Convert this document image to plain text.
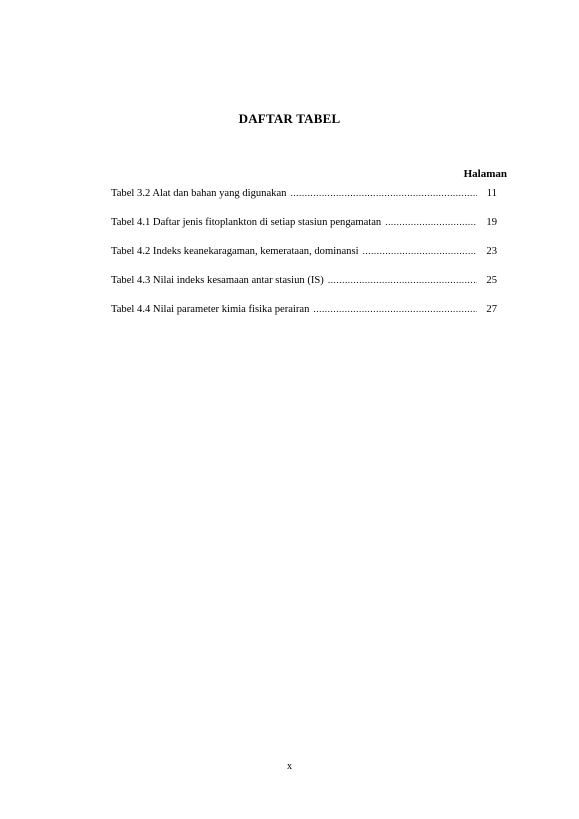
DAFTAR TABEL
Halaman
Tabel 3.2 Alat dan bahan yang digunakan .....	11
Tabel 4.1 Daftar jenis fitoplankton di setiap stasiun pengamatan .....	19
Tabel 4.2 Indeks keanekaragaman, kemerataan, dominansi .....	23
Tabel 4.3 Nilai indeks kesamaan antar stasiun (IS) .....	25
Tabel 4.4 Nilai parameter kimia fisika perairan .....	27
x
